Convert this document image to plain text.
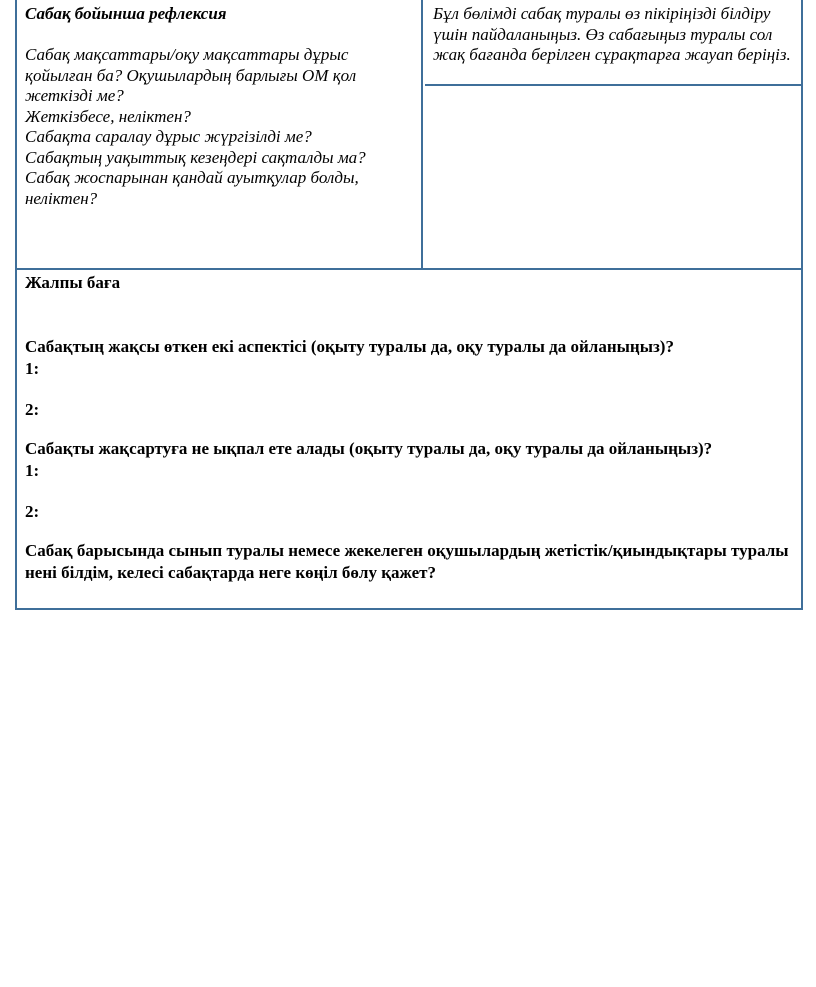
Сабақ бойынша рефлексия

Сабақ мақсаттары/оқу мақсаттары дұрыс қойылған ба? Оқушылардың барлығы ОМ қол жеткізді ме?

Жеткізбесе, неліктен?

Сабақта саралау дұрыс жүргізілді ме?

Сабақтың уақыттық кезеңдері сақталды ма?

Сабақ жоспарынан қандай ауытқулар болды, неліктен?

Бұл бөлімді сабақ туралы өз пікіріңізді білдіру үшін пайдаланыңыз. Өз сабағыңыз туралы сол жақ бағанда берілген сұрақтарға жауап беріңіз.

Жалпы баға

Сабақтың жақсы өткен екі аспектісі (оқыту туралы да, оқу туралы да ойланыңыз)?

1:

2:

Сабақты жақсартуға не ықпал ете алады (оқыту туралы да, оқу туралы да ойланыңыз)?

1:

2:

Сабақ барысында сынып туралы немесе жекелеген оқушылардың жетістік/қиындықтары туралы нені білдім, келесі сабақтарда неге көңіл бөлу қажет?
